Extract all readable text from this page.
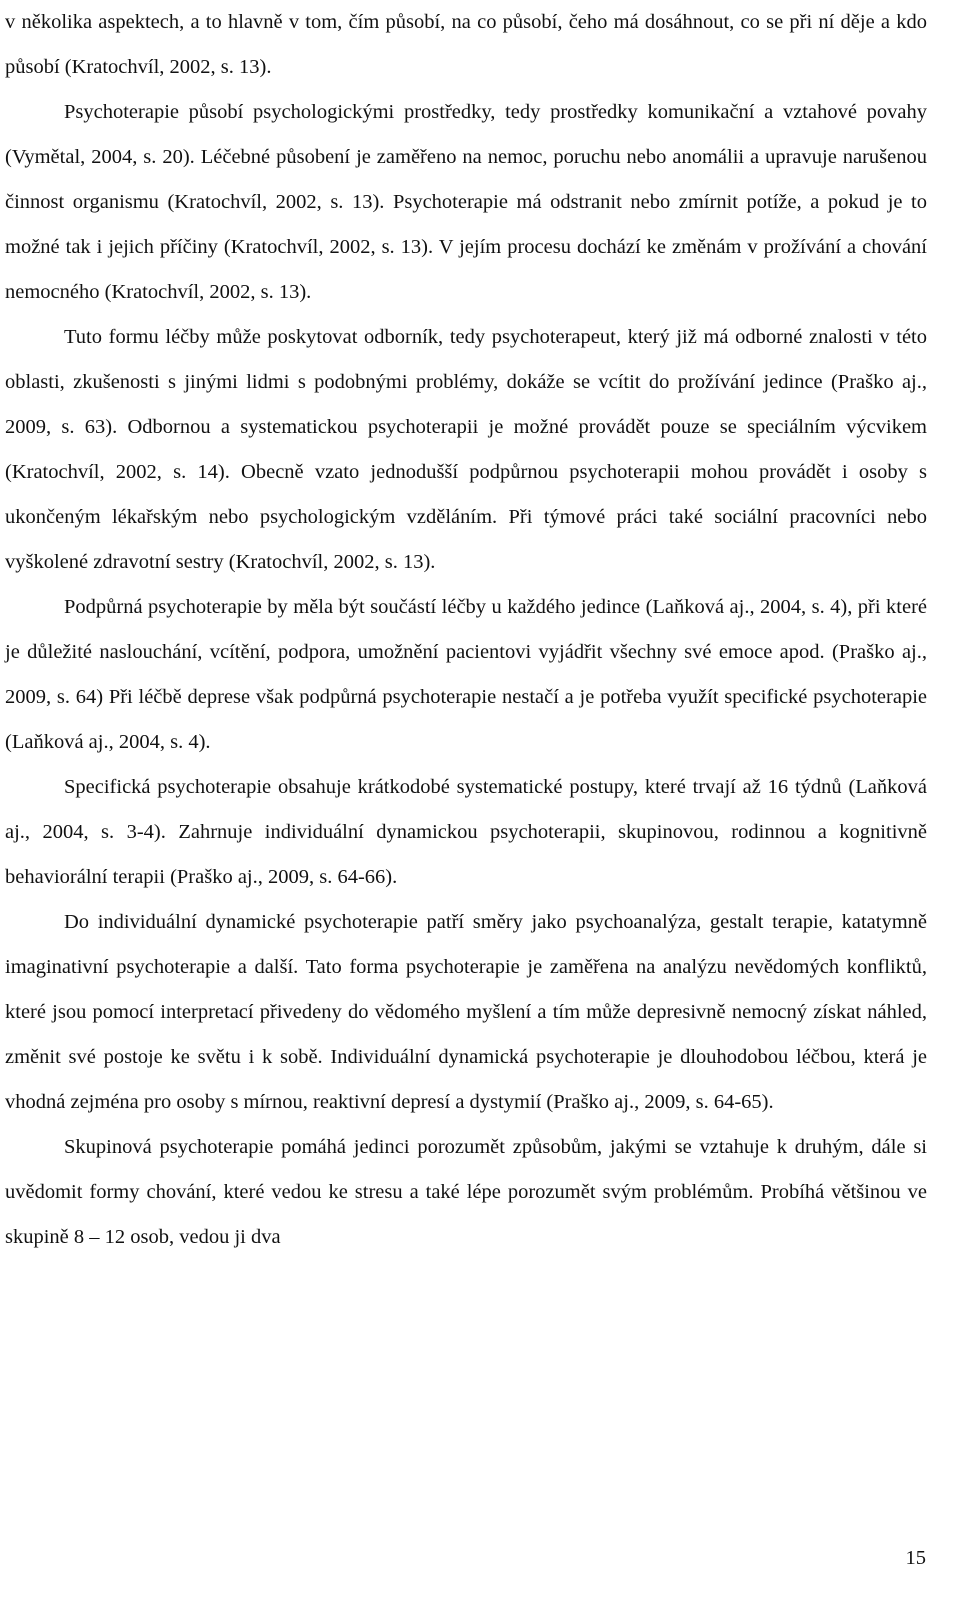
v několika aspektech, a to hlavně v tom, čím působí, na co působí, čeho má dosáhnout, co se při ní děje a kdo působí (Kratochvíl, 2002, s. 13).

Psychoterapie působí psychologickými prostředky, tedy prostředky komunikační a vztahové povahy (Vymětal, 2004, s. 20). Léčebné působení je zaměřeno na nemoc, poruchu nebo anomálii a upravuje narušenou činnost organismu (Kratochvíl, 2002, s. 13). Psychoterapie má odstranit nebo zmírnit potíže, a pokud je to možné tak i jejich příčiny (Kratochvíl, 2002, s. 13). V jejím procesu dochází ke změnám v prožívání a chování nemocného (Kratochvíl, 2002, s. 13).

Tuto formu léčby může poskytovat odborník, tedy psychoterapeut, který již má odborné znalosti v této oblasti, zkušenosti s jinými lidmi s podobnými problémy, dokáže se vcítit do prožívání jedince (Praško aj., 2009, s. 63). Odbornou a systematickou psychoterapii je možné provádět pouze se speciálním výcvikem (Kratochvíl, 2002, s. 14). Obecně vzato jednodušší podpůrnou psychoterapii mohou provádět i osoby s ukončeným lékařským nebo psychologickým vzděláním. Při týmové práci také sociální pracovníci nebo vyškolené zdravotní sestry (Kratochvíl, 2002, s. 13).

Podpůrná psychoterapie by měla být součástí léčby u každého jedince (Laňková aj., 2004, s. 4), při které je důležité naslouchání, vcítění, podpora, umožnění pacientovi vyjádřit všechny své emoce apod. (Praško aj., 2009, s. 64) Při léčbě deprese však podpůrná psychoterapie nestačí a je potřeba využít specifické psychoterapie (Laňková aj., 2004, s. 4).

Specifická psychoterapie obsahuje krátkodobé systematické postupy, které trvají až 16 týdnů (Laňková aj., 2004, s. 3-4). Zahrnuje individuální dynamickou psychoterapii, skupinovou, rodinnou a kognitivně behaviorální terapii (Praško aj., 2009, s. 64-66).

Do individuální dynamické psychoterapie patří směry jako psychoanalýza, gestalt terapie, katatymně imaginativní psychoterapie a další. Tato forma psychoterapie je zaměřena na analýzu nevědomých konfliktů, které jsou pomocí interpretací přivedeny do vědomého myšlení a tím může depresivně nemocný získat náhled, změnit své postoje ke světu i k sobě. Individuální dynamická psychoterapie je dlouhodobou léčbou, která je vhodná zejména pro osoby s mírnou, reaktivní depresí a dystymií (Praško aj., 2009, s. 64-65).

Skupinová psychoterapie pomáhá jedinci porozumět způsobům, jakými se vztahuje k druhým, dále si uvědomit formy chování, které vedou ke stresu a také lépe porozumět svým problémům. Probíhá většinou ve skupině 8 – 12 osob, vedou ji dva

15
